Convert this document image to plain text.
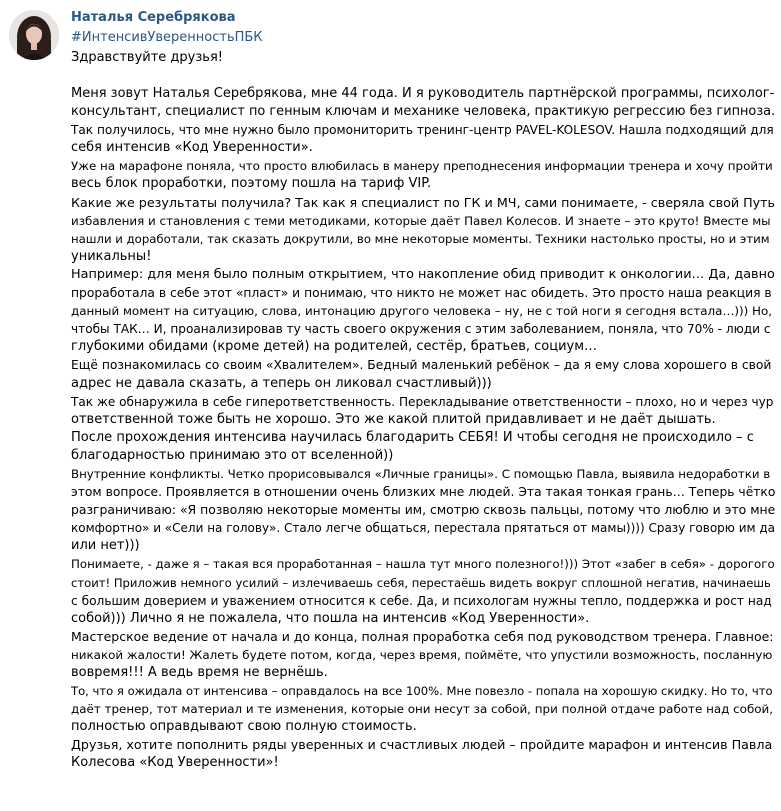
Наталья Серебрякова
#ИнтенсивУверенностьПБК
Здравствуйте друзья!
Меня зовут Наталья Серебрякова, мне 44 года. И я руководитель партнёрской программы, психолог-
консультант, специалист по генным ключам и механике человека, практикую регрессию без гипноза.
Так получилось, что мне нужно было промониторить тренинг-центр PAVEL-KOLESOV. Нашла подходящий для
себя интенсив «Код Уверенности».
Уже на марафоне поняла, что просто влюбилась в манеру преподнесения информации тренера и хочу пройти
весь блок проработки, поэтому пошла на тариф VIP.
Какие же результаты получила? Так как я специалист по ГК и МЧ, сами понимаете, - сверяла свой Путь
избавления и становления с теми методиками, которые даёт Павел Колесов. И знаете – это круто! Вместе мы
нашли и доработали, так сказать докрутили, во мне некоторые моменты. Техники настолько просты, но и этим
уникальны!
Например: для меня было полным открытием, что накопление обид приводит к онкологии… Да, давно
проработала в себе этот «пласт» и понимаю, что никто не может нас обидеть. Это просто наша реакция в
данный момент на ситуацию, слова, интонацию другого человека – ну, не с той ноги я сегодня встала…))) Но,
чтобы ТАК… И, проанализировав ту часть своего окружения с этим заболеванием, поняла, что 70% - люди с
глубокими обидами (кроме детей) на родителей, сестёр, братьев, социум…
Ещё познакомилась со своим «Хвалителем». Бедный маленький ребёнок – да я ему слова хорошего в свой
адрес не давала сказать, а теперь он ликовал счастливый)))
Так же обнаружила в себе гиперответственность. Перекладывание ответственности – плохо, но и через чур
ответственной тоже быть не хорошо. Это же какой плитой придавливает и не даёт дышать.
После прохождения интенсива научилась благодарить СЕБЯ! И чтобы сегодня не происходило – с
благодарностью принимаю это от вселенной))
Внутренние конфликты. Четко прорисовывался «Личные границы». С помощью Павла, выявила недоработки в
этом вопросе. Проявляется в отношении очень близких мне людей. Эта такая тонкая грань… Теперь чётко
разграничиваю: «Я позволяю некоторые моменты им, смотрю сквозь пальцы, потому что люблю и это мне
комфортно» и «Сели на голову». Стало легче общаться, перестала прятаться от мамы)))) Сразу говорю им да
или нет)))
Понимаете, - даже я – такая вся проработанная – нашла тут много полезного!))) Этот «забег в себя» - дорогого
стоит! Приложив немного усилий – излечиваешь себя, перестаёшь видеть вокруг сплошной негатив, начинаешь
с большим доверием и уважением относится к себе. Да, и психологам нужны тепло, поддержка и рост над
собой))) Лично я не пожалела, что пошла на интенсив «Код Уверенности».
Мастерское ведение от начала и до конца, полная проработка себя под руководством тренера. Главное:
никакой жалости! Жалеть будете потом, когда, через время, поймёте, что упустили возможность, посланную
вовремя!!! А ведь время не вернёшь.
То, что я ожидала от интенсива – оправдалось на все 100%. Мне повезло - попала на хорошую скидку. Но то, что
даёт тренер, тот материал и те изменения, которые они несут за собой, при полной отдаче работе над собой,
полностью оправдывают свою полную стоимость.
Друзья, хотите пополнить ряды уверенных и счастливых людей – пройдите марафон и интенсив Павла
Колесова «Код Уверенности»!
